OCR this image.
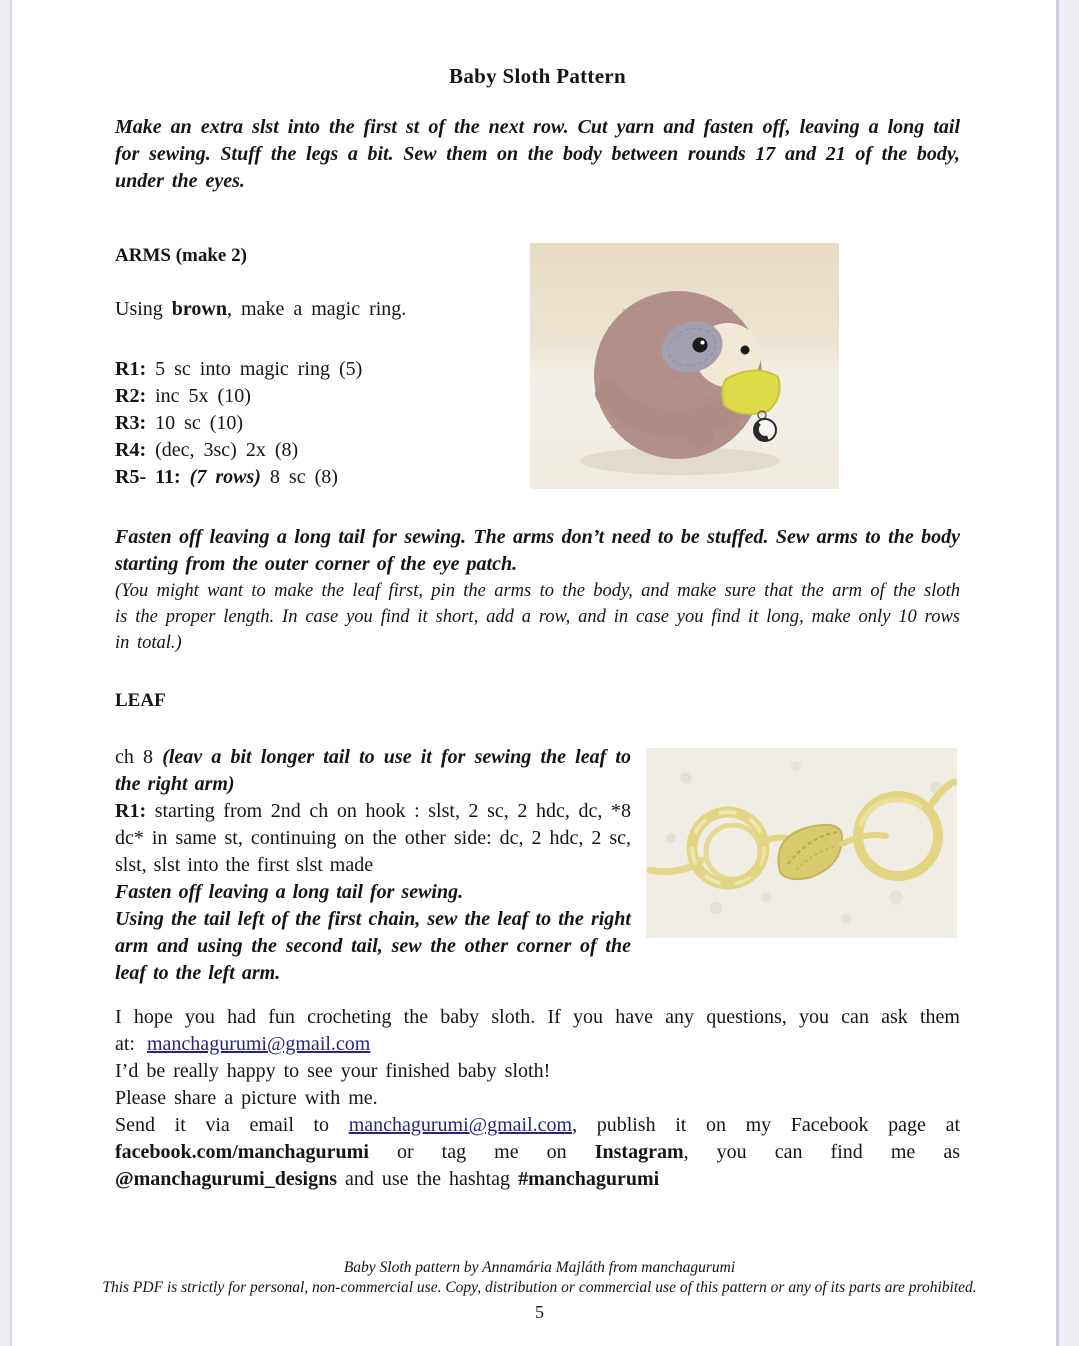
Baby Sloth Pattern

Make an extra slst into the first st of the next row. Cut yarn and fasten off, leaving a long tail for sewing. Stuff the legs a bit. Sew them on the body between rounds 17 and 21 of the body, under the eyes.

ARMS (make 2)

Using brown, make a magic ring.

R1: 5 sc into magic ring (5)
R2: inc 5x (10)
R3: 10 sc (10)
R4: (dec, 3sc) 2x (8)
R5- 11: (7 rows) 8 sc (8)

Fasten off leaving a long tail for sewing. The arms don’t need to be stuffed. Sew arms to the body starting from the outer corner of the eye patch.

(You might want to make the leaf first, pin the arms to the body, and make sure that the arm of the sloth is the proper length. In case you find it short, add a row, and in case you find it long, make only 10 rows in total.)

LEAF

ch 8 (leav a bit longer tail to use it for sewing the leaf to the right arm)

R1: starting from 2nd ch on hook : slst, 2 sc, 2 hdc, dc, *8 dc* in same st, continuing on the other side: dc, 2 hdc, 2 sc, slst, slst into the first slst made

Fasten off leaving a long tail for sewing.

Using the tail left of the first chain, sew the leaf to the right arm and using the second tail, sew the other corner of the leaf to the left arm.

I hope you had fun crocheting the baby sloth. If you have any questions, you can ask them at: manchagurumi@gmail.com

I’d be really happy to see your finished baby sloth!

Please share a picture with me.

Send it via email to manchagurumi@gmail.com, publish it on my Facebook page at facebook.com/manchagurumi or tag me on Instagram, you can find me as @manchagurumi_designs and use the hashtag #manchagurumi

Baby Sloth pattern by Annamária Majláth from manchagurumi

This PDF is strictly for personal, non-commercial use. Copy, distribution or commercial use of this pattern or any of its parts are prohibited.

5
